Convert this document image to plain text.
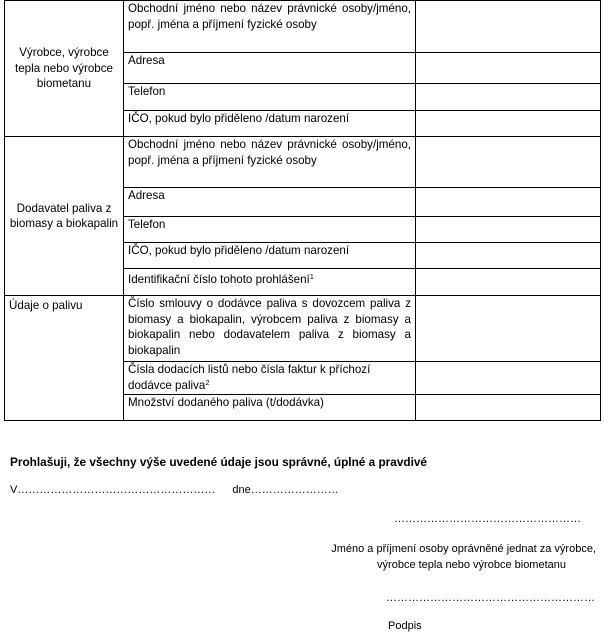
Výrobce, výrobce tepla nebo výrobce biometanu	Obchodní jméno nebo název právnické osoby/jméno, popř. jména a příjmení fyzické osoby	
	Adresa	
	Telefon	
	IČO, pokud bylo přiděleno /datum narození	
Dodavatel paliva z biomasy a biokapalin	Obchodní jméno nebo název právnické osoby/jméno, popř. jména a příjmení fyzické osoby	
	Adresa	
	Telefon	
	IČO, pokud bylo přiděleno /datum narození	
	Identifikační číslo tohoto prohlášení$^1$	
Údaje o palivu	Číslo smlouvy o dodávce paliva s dovozcem paliva z biomasy a biokapalin, výrobcem paliva z biomasy a biokapalin nebo dodavatelem paliva z biomasy a biokapalin	
	Čísla dodacích listů nebo čísla faktur k příchozí dodávce paliva$^2$	
	Množství dodaného paliva (t/dodávka)	
Prohlašuji, že všechny výše uvedené údaje jsou správné, úplné a pravdivé
V……………………………………………… dne……………………
……………………………………………
Jméno a příjmení osoby oprávněné jednat za výrobce,
výrobce tepla nebo výrobce biometanu
…………………………………………………
Podpis
